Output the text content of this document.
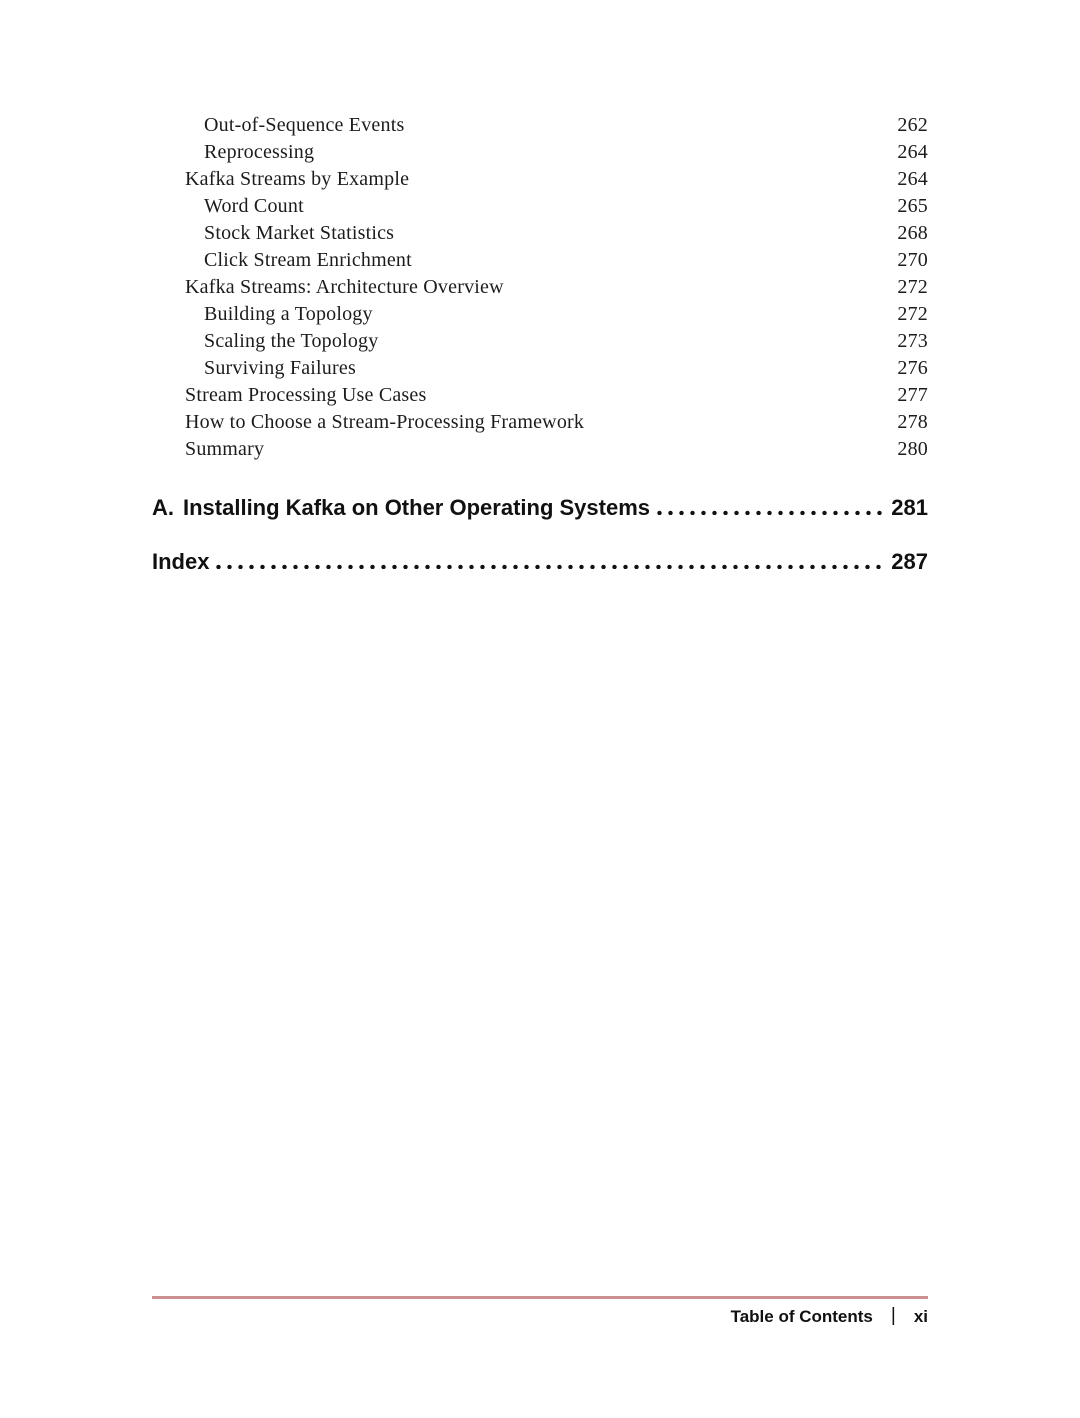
Out-of-Sequence Events	262
Reprocessing	264
Kafka Streams by Example	264
Word Count	265
Stock Market Statistics	268
Click Stream Enrichment	270
Kafka Streams: Architecture Overview	272
Building a Topology	272
Scaling the Topology	273
Surviving Failures	276
Stream Processing Use Cases	277
How to Choose a Stream-Processing Framework	278
Summary	280
A. Installing Kafka on Other Operating Systems	281
Index	287
Table of Contents | xi
